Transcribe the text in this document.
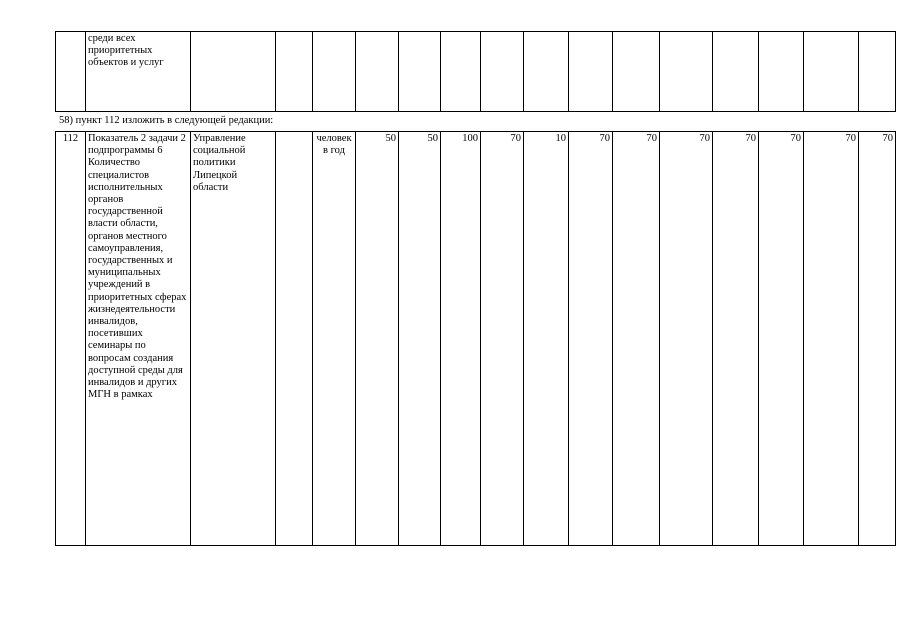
	среди всех приоритетных объектов и услуг															
58) пункт 112 изложить в следующей редакции:
112	Показатель 2 задачи 2 подпрограммы 6 Количество специалистов исполнительных органов государственной власти области, органов местного самоуправления, государственных и муниципальных учреждений в приоритетных сферах жизнедеятельности инвалидов, посетивших семинары по вопросам создания доступной среды для инвалидов и других МГН в рамках	Управление социальной политики Липецкой области		человек в год	50	50	100	70	10	70	70	70	70	70	70	70
